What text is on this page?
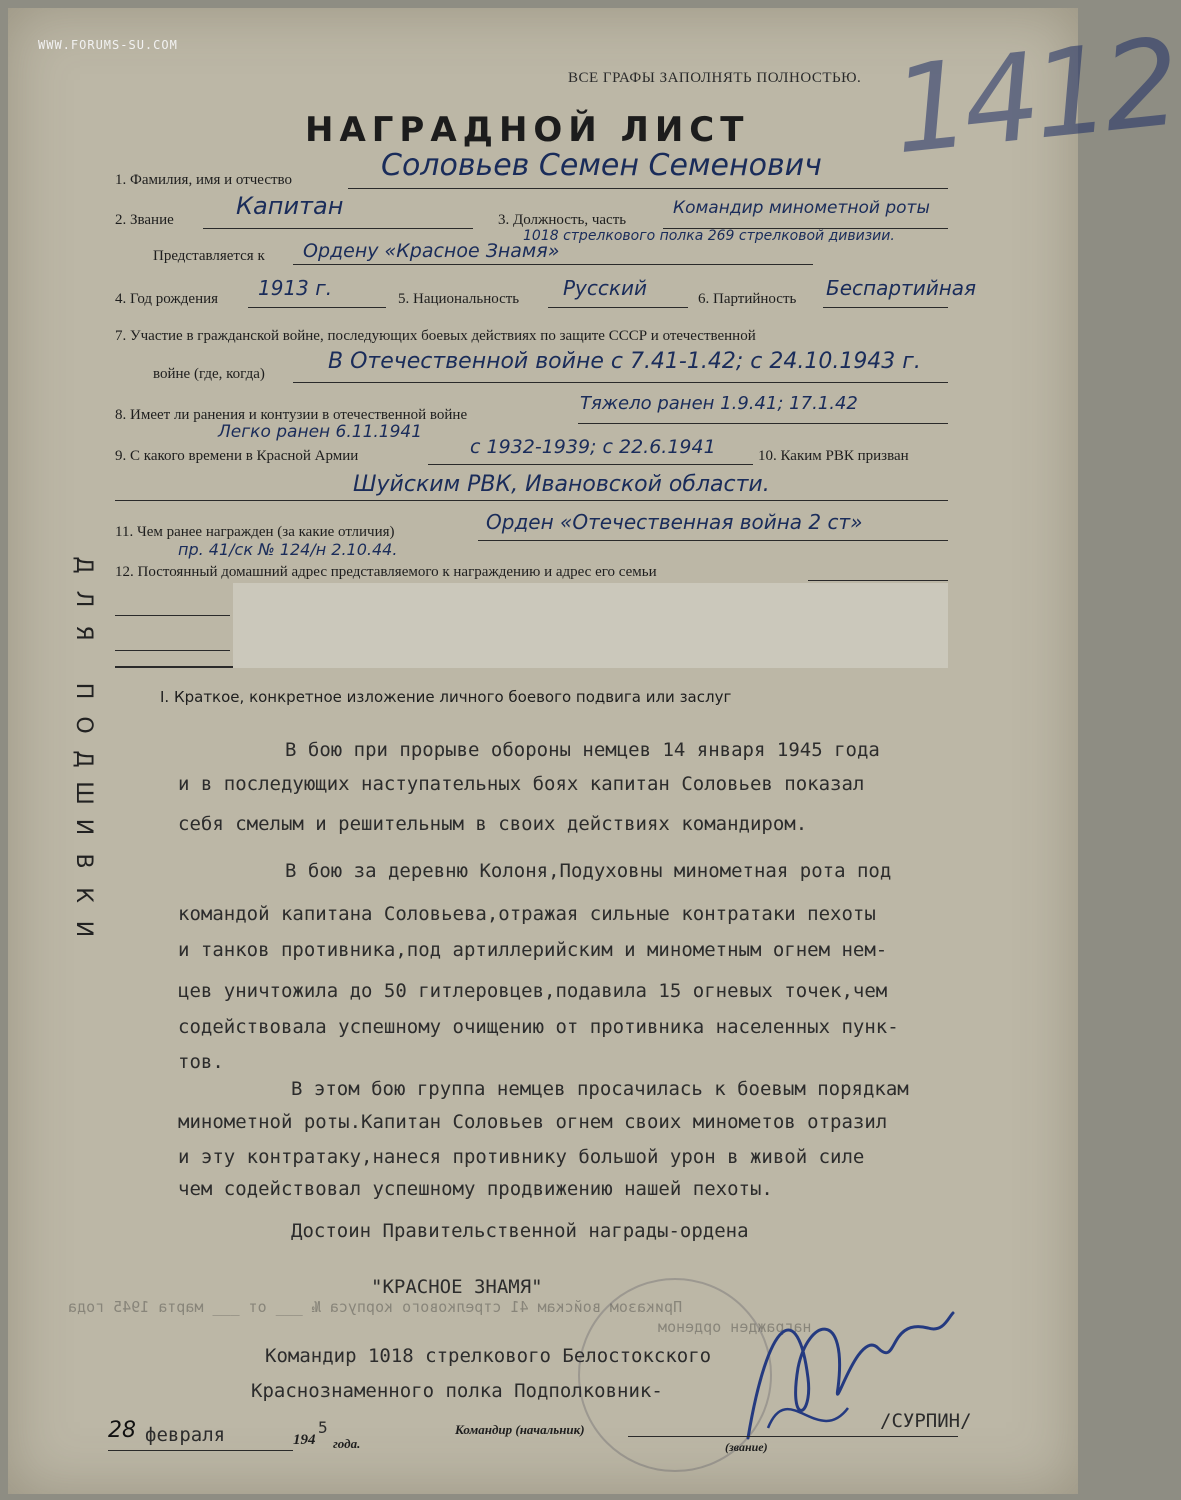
WWW.FORUMS-SU.COM
ВСЕ ГРАФЫ ЗАПОЛНЯТЬ ПОЛНОСТЬЮ. 1412
НАГРАДНОЙ ЛИСТ
1. Фамилия, имя и отчество	Соловьев Семен Семенович
2. Звание	Капитан	3. Должность, часть
Командир минометной роты
1018 стрелкового полка 269 стрелковой дивизии.
Представляется к Ордену «Красное Знамя»
4. Год рождения 1913 г.	5. Национальность Русский	6. Партийность Беспартийная
7. Участие в гражданской войне, последующих боевых действиях по защите СССР и отечественной
войне (где, когда)	В Отечественной войне с 7.41-1.42; с 24.10.1943 г.
8. Имеет ли ранения и контузии в отечественной войне
Тяжело ранен 1.9.41; 17.1.42
Легко ранен 6.11.1941
9. С какого времени в Красной Армии	с 1932-1939; с 22.6.1941	10. Каким РВК призван
Шуйским РВК, Ивановской области.
11. Чем ранее награжден (за какие отличия)	Орден «Отечественная война 2 ст»
пр. 41/ск № 124/н 2.10.44.
12. Постоянный домашний адрес представляемого к награждению и адрес его семьи
Д
Л
Я
П
О
Д
Ш
И
В
К
И
I. Краткое, конкретное изложение личного боевого подвига или заслуг
В бою при прорыве обороны немцев 14 января 1945 года
и в последующих наступательных боях капитан Соловьев показал
себя смелым и решительным в своих действиях командиром.
В бою за деревню Колоня,Подуховны минометная рота под
командой капитана Соловьева,отражая сильные контратаки пехоты
и танков противника,под артиллерийским и минометным огнем нем-
цев уничтожила до 50 гитлеровцев,подавила 15 огневых точек,чем
содействовала успешному очищению от противника населенных пунк-
тов.
В этом бою группа немцев просачилась к боевым порядкам
минометной роты.Капитан Соловьев огнем своих минометов отразил
и эту контратаку,нанеся противнику большой урон в живой силе
чем содействовал успешному продвижению нашей пехоты.
Достоин Правительственной награды-ордена
"КРАСНОЕ ЗНАМЯ"
Командир 1018 стрелкового Белостокского
Краснознаменного полка Подполковник-
Приказом войскам 41 стрелкового корпуса № ___ от ___ марта 1945 года
награжден орденом
/СУРПИН/
28 февраля	194
5
года.
Командир (начальник)
(звание)
